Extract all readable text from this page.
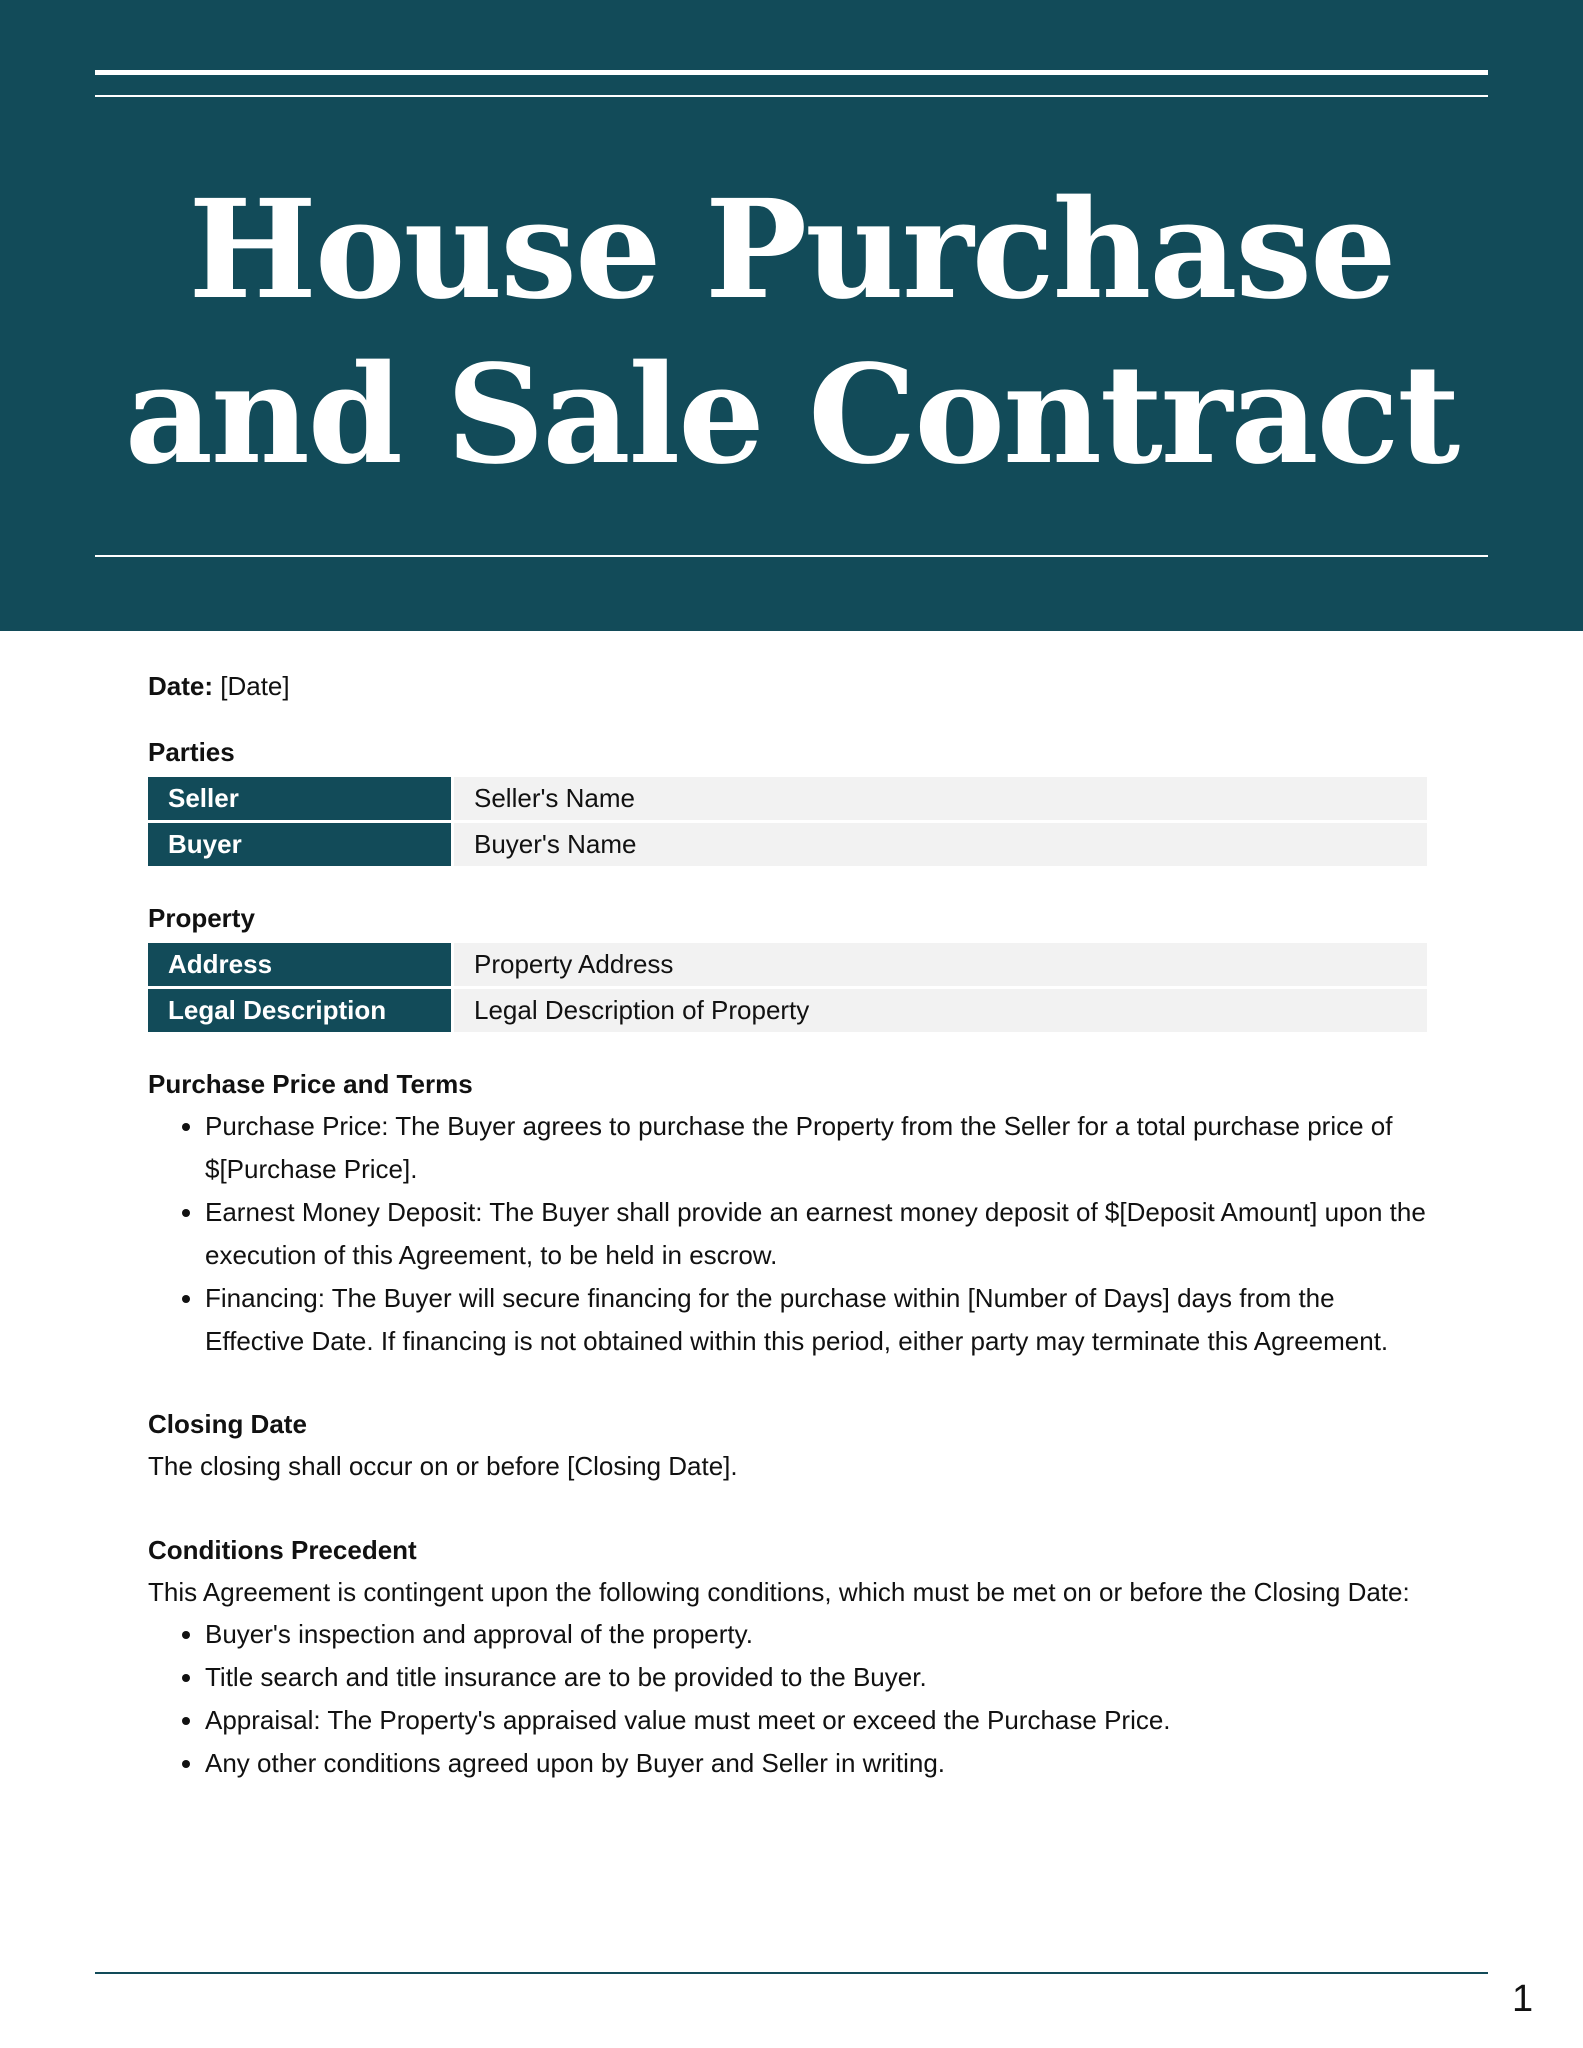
House Purchase
and Sale Contract
Date: [Date]
Parties
Seller	Seller's Name
Buyer	Buyer's Name
Property
Address	Property Address
Legal Description	Legal Description of Property
Purchase Price and Terms
• Purchase Price: The Buyer agrees to purchase the Property from the Seller for a total purchase price of $[Purchase Price].
• Earnest Money Deposit: The Buyer shall provide an earnest money deposit of $[Deposit Amount] upon the execution of this Agreement, to be held in escrow.
• Financing: The Buyer will secure financing for the purchase within [Number of Days] days from the Effective Date. If financing is not obtained within this period, either party may terminate this Agreement.
Closing Date

The closing shall occur on or before [Closing Date].

Conditions Precedent

This Agreement is contingent upon the following conditions, which must be met on or before the Closing Date:

• Buyer's inspection and approval of the property.
• Title search and title insurance are to be provided to the Buyer.
• Appraisal: The Property's appraised value must meet or exceed the Purchase Price.
• Any other conditions agreed upon by Buyer and Seller in writing.
1
